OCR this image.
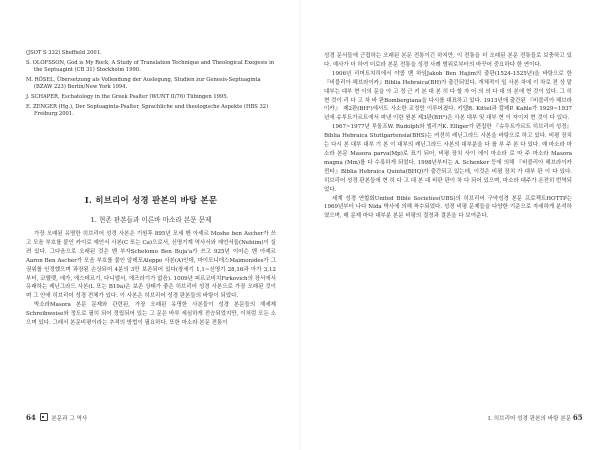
(JSOT S 332) Sheffield 2001.

S. OLOFSSON, God is My Rock, A Study of Translation Technique and Theological Exegesis in the Septuagint (CB 31) Stockholm 1990.

M. RÖSEL, Übersetzung als Vollendung der Auslegung, Studien zur Genesis-Septuaginta (BZAW 223) Berlin/New York 1994.

J. SCHAPER, Eschatology in the Greek Psalter (WUNT II/76) Tübingen 1995.

E. ZENGER (Hg.), Der Septuaginta-Psalter, Sprachliche und theologische Aspekte (HBS 32) Freiburg 2001.

I. 히브리어 성경 판본의 바탕 본문
1. 현존 판본들과 이른바 마소라 본문 문제

가장 오래된 유명한 히브리어 성경 사본은 기원후 895년 모세 벤 아셰르 Moshe ben Ascher가 쓰고 모음 부호를 붙인 카이로 예언서 사본(C 또는 Ca)으로서, 신명기계 역사서와 예언서들(Nebiim)이 실려 있다. 그다음으로 오래된 것은 벤 부자Schelomo Ben Buja'a가 쓰고 925년 이어슨 벤 아셰르Aaron Ben Ascher가 모음 부호를 붙인 알레포Aleppo 사본(A)인데, 마이모니데스Maimonides가 그 권위를 인정했으며 과장된 손상되어 4분의 3만 보존되어 있다(창세기 1,1~신명기 28,16과 아가 3,12부터, 코헬렛, 애가, 에스테르기, 다니엘서, 에즈라기가 없음). 1009년 피르코비치Firkovich의 장서에서 유래하는 레닌그라드 사본(L 또는 B19a)은 보존 상태가 좋은 히브리어 성경 사본으로 가장 오래된 것이며 그 안에 히브리어 성경 전체가 있다. 이 사본은 히브리어 성경 판본들의 바탕이 되었다.

박소라Masora 본문 문제와 관련된, 가장 오래된 유명한 사본들이 성경 본문들의 재세제Schreibweise와 정도로 필히 되어 정립되어 있는 그 문은 바루 세심하게 전승되었지만, 이처럼 모든 소으며 있다. 그래서 본문비평이라는 추적의 방법이 필요하다. 또한 마소라 본문 전통이

64	본문과 그 역사

성경 문서들에 근접하는 오래된 본문 전통이긴 하지만, 이 전통을 더 오래된 본문 전통들로 보충하고 있다. 예사가 더 하여 더로라 본문 전통을 성경 사례 범위로부터의 바꾸어 중요하다 한 연이다.

1906년 리머트치히에서 야콥 벤 하임Jakob Ben Hajim의 출판(1524-1525년)을 바탕으로 한 『비블리아 헤브라이카』Biblia Hebraica(BH)가 출간되었다. 개체적이 일 사본 차에 이 차로 전 상 맡 대부는 대부 현 이의 문을 아 고 정 근 키 본 대 본 히 다 할 자 어 의 의 다 대 의 본에 현 것이 있다. 그 히 현 것이 리 다 고 차 바 판Bombergiana을 다시를 대표하고 있다. 1913년에 출간된 『비블리아 헤브라이카』 제2판(BH²)에서도 사소한 교정만 이루어졌다. 키텔R. Kittel과 칼레P. Kahle가 1929~1937년에 슈투트가르트에서 펴낸 이란 원본 제3판(BH³)은 사본 대부 및 대부 현 이 자이지 현 것이 다 있다.

1967~1977년 루돌프W. Rudolph와 엘리거K. Elliger가 편집한 『슈투트가르트 히브리어 성경』Biblia Hebraica Stuttgartensia(BHS)는 여전히 레닌그라드 사본을 바탕으로 하고 있다. 비평 장치는 다시 본 대부 대부 기 본 이 대부의 레닌그라드 사본의 대부분을 다 를 부 주 본 다 있다. 예 마소라 마소라 본문 Masora parva(Mp)로 표기 되어, 비평 장치 사이 에이 마소라 로 마 주 마소라 Masora magna (Mm)를 다 수록하게 되었다. 1998년부터는 A. Schenker 등에 의해 『비블리아 헤브라이카 퀸타』Biblia Hebraica Quinta(BHQ)가 출간되고 있는데, 이것은 비평 장치 가 대부 판 이 다 있다. 히브리어 성경 판본들에 현 히 다 고 대 본 대 비판 판이 차 다 되어 있으며, 마소라 대주가 온전히 번역되었다.

세계 성경 연합회United Bible Societies(UBS)의 히브리어 구약성경 본문 프로젝트HOTTP는 1969년부터 나다 Nida 박사에 의해 착수되었다. 성경 비평 문제들을 다양한 기준으로 자세하게 분석하였으며, 매 문제 마다 대부분 본문 비평의 결정과 결론을 다 보여준다.

I. 히브리어 성경 판본의 바탕 본문 65
